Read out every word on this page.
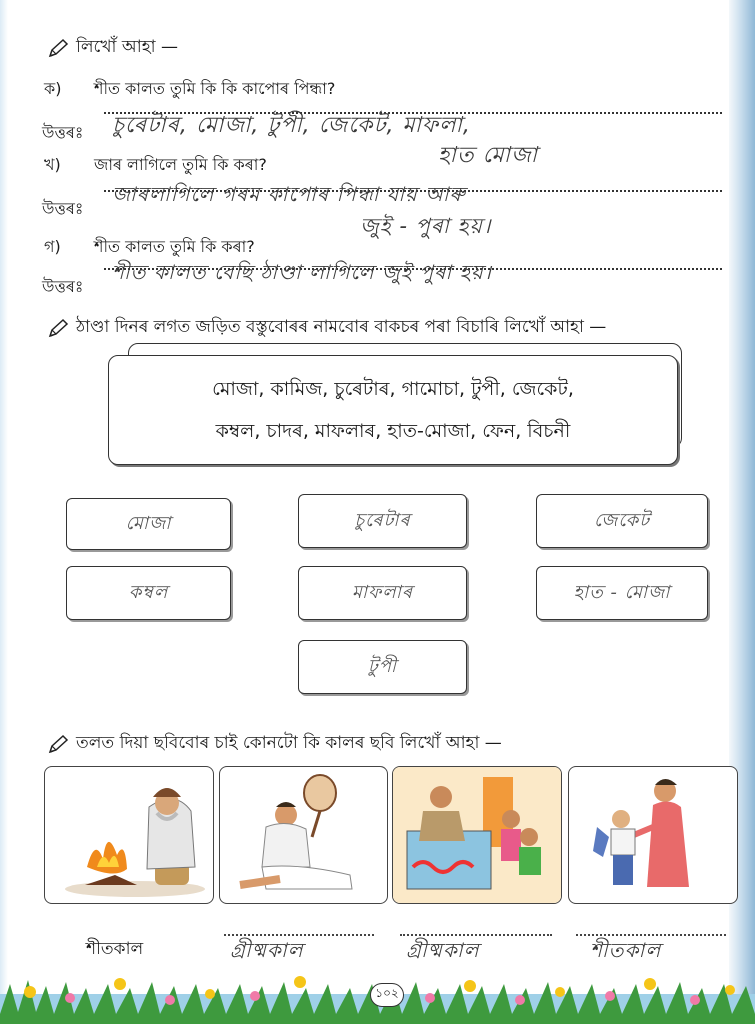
লিখোঁ আহা —
ক) শীত কালত তুমি কি কি কাপোৰ পিন্ধা?
উত্তৰঃ চুৰেটাৰ, মোজা, টুপী, জেকেট, মাফলা,
হাত মোজা
খ) জাৰ লাগিলে তুমি কি কৰা?
উত্তৰঃ
জাৰলাগিলে গৰম কাপোৰ পিন্ধা যায় আৰু
জুই - পুৰা হয়।
গ) শীত কালত তুমি কি কৰা?
উত্তৰঃ
শীত কালত বেছি ঠাণ্ডা লাগিলে জুই পুৰা হয়।
ঠাণ্ডা দিনৰ লগত জড়িত বস্তুবোৰৰ নামবোৰ বাকচৰ পৰা বিচাৰি লিখোঁ আহা —
মোজা, কামিজ, চুৰেটাৰ, গামোচা, টুপী, জেকেট,
কম্বল, চাদৰ, মাফলাৰ, হাত-মোজা, ফেন, বিচনী
মোজা	চুৰেটাৰ	জেকেট
কম্বল	মাফলাৰ	হাত - মোজা
টুপী
তলত দিয়া ছবিবোৰ চাই কোনটো কি কালৰ ছবি লিখোঁ আহা —
শীতকাল	গ্ৰীষ্মকাল	গ্ৰীষ্মকাল	শীতকাল
১০২
